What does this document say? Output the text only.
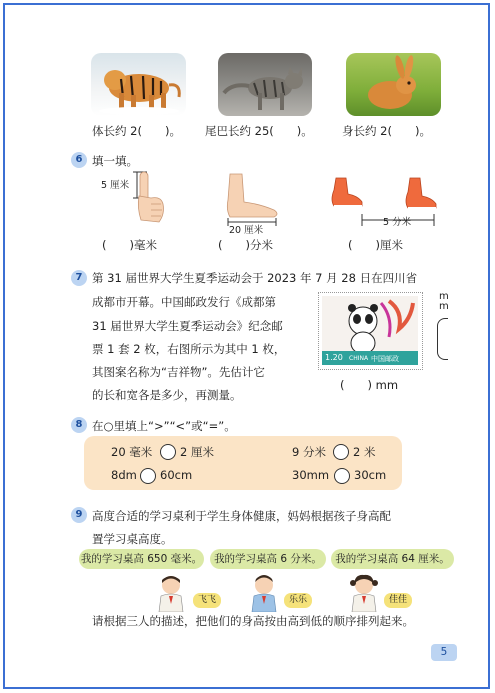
体长约 2(　　)。 尾巴长约 25(　　)。	身长约 2(　　)。
6 填一填。
5 厘米
20 厘米
5 分米
(　　)毫米	(　　)分米	(　　)厘米
7 第 31 届世界大学生夏季运动会于 2023 年 7 月 28 日在四川省
成都市开幕。中国邮政发行《成都第
31 届世界大学生夏季运动会》纪念邮
票 1 套 2 枚，右图所示为其中 1 枚，
其图案名称为“吉祥物”。先估计它
的长和宽各是多少，再测量。
1.20 CHINA 中国邮政
mm
(　　) mm
8 在○里填上“>”“<”或“=”。
20 毫米 2 厘米	9 分米 2 米
8dm 60cm	30mm 30cm
9 高度合适的学习桌利于学生身体健康，妈妈根据孩子身高配
置学习桌高度。
我的学习桌高 650 毫米。	我的学习桌高 6 分米。	我的学习桌高 64 厘米。
飞飞	乐乐	佳佳
请根据三人的描述，把他们的身高按由高到低的顺序排列起来。
5
